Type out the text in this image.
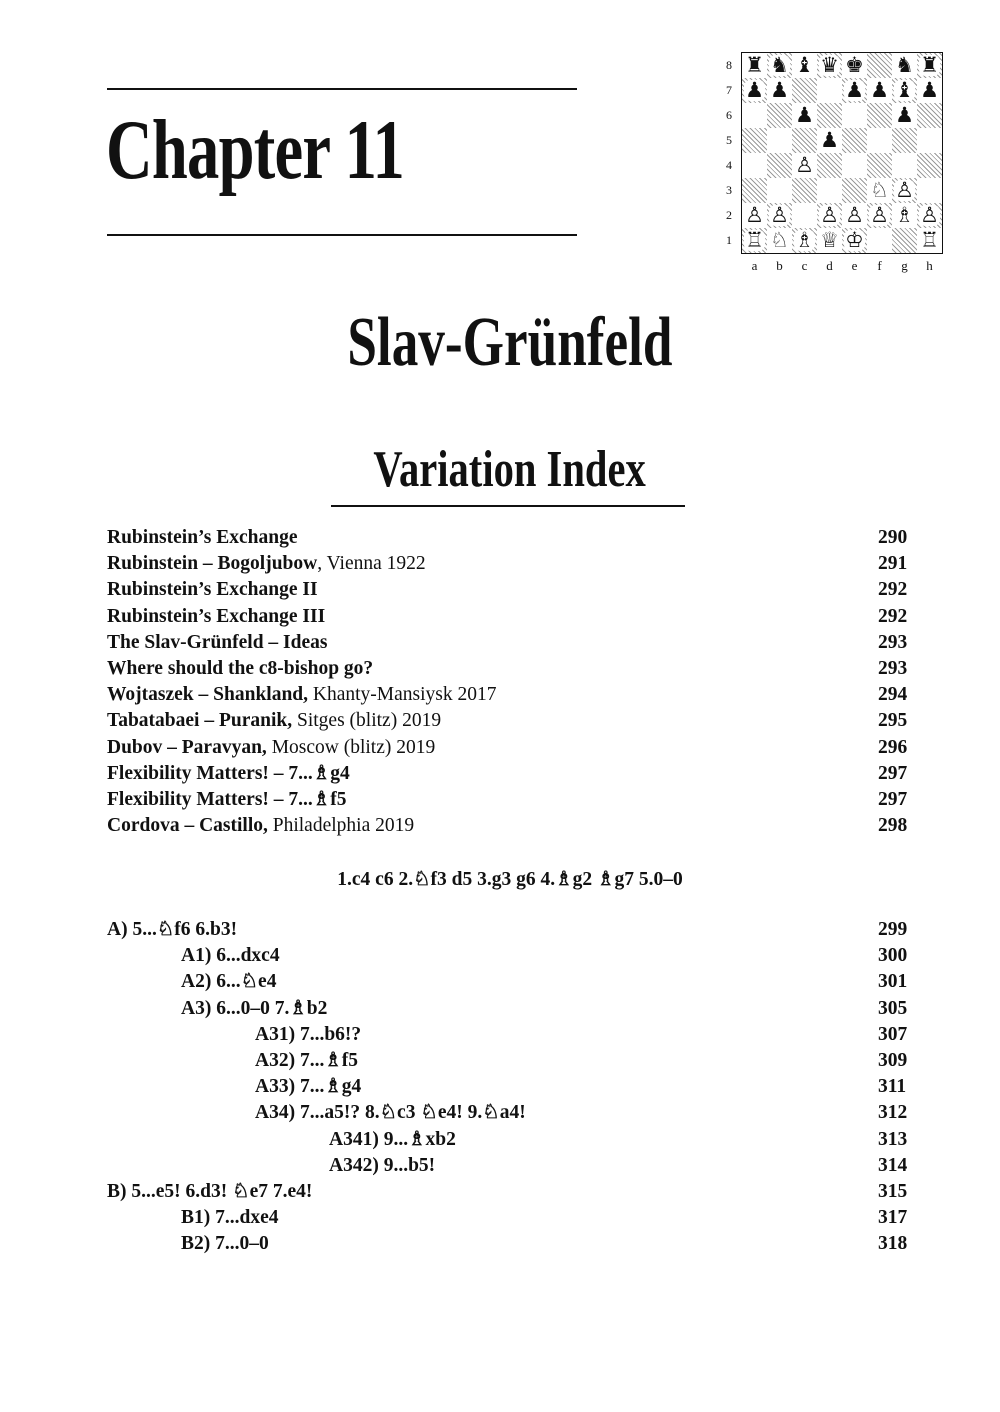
Chapter 11
8
7
6
5
4
3
2
1
♜ ♞ ♝ ♛ ♚ ♞ ♜
♟ ♟	♟ ♟ ♝ ♟
♟	♟
♟
♙
♘ ♙
♙ ♙ ♙ ♙ ♙ ♗ ♙
♖ ♘ ♗ ♕ ♔	♖
a	b	c	d	e	f	g	h
Slav-Grünfeld
Variation Index
Rubinstein’s Exchange	290
Rubinstein – Bogoljubow, Vienna 1922	291
Rubinstein’s Exchange II	292
Rubinstein’s Exchange III	292
The Slav-Grünfeld – Ideas	293
Where should the c8-bishop go?	293
Wojtaszek – Shankland, Khanty-Mansiysk 2017	294
Tabatabaei – Puranik, Sitges (blitz) 2019	295
Dubov – Paravyan, Moscow (blitz) 2019	296
Flexibility Matters! – 7...♗g4	297
Flexibility Matters! – 7...♗f5	297
Cordova – Castillo, Philadelphia 2019	298
1.c4 c6 2.♘f3 d5 3.g3 g6 4.♗g2 ♗g7 5.0–0
A) 5...♘f6 6.b3!	299
A1) 6...dxc4	300
A2) 6...♘e4	301
A3) 6...0–0 7.♗b2	305
A31) 7...b6!?	307
A32) 7...♗f5	309
A33) 7...♗g4	311
A34) 7...a5!? 8.♘c3 ♘e4! 9.♘a4!	312
A341) 9...♗xb2	313
A342) 9...b5!	314
B) 5...e5! 6.d3! ♘e7 7.e4!	315
B1) 7...dxe4	317
B2) 7...0–0	318
